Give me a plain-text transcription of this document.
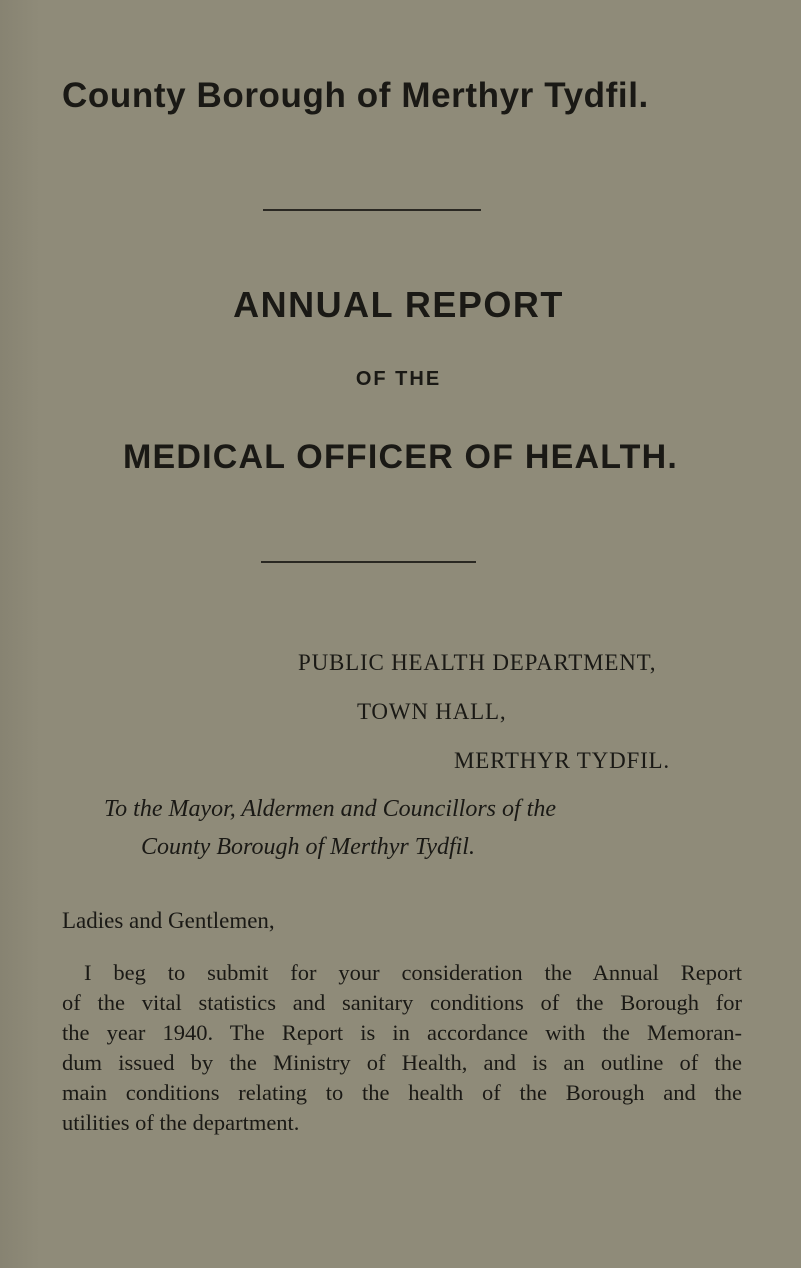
County Borough of Merthyr Tydfil.
ANNUAL REPORT
OF THE
MEDICAL OFFICER OF HEALTH.

PUBLIC HEALTH DEPARTMENT,

TOWN HALL,

MERTHYR TYDFIL.

To the Mayor, Aldermen and Councillors of the

County Borough of Merthyr Tydfil.

Ladies and Gentlemen,

I beg to submit for your consideration the Annual Report
of the vital statistics and sanitary conditions of the Borough for
the year 1940. The Report is in accordance with the Memoran-
dum issued by the Ministry of Health, and is an outline of the
main conditions relating to the health of the Borough and the
utilities of the department.
